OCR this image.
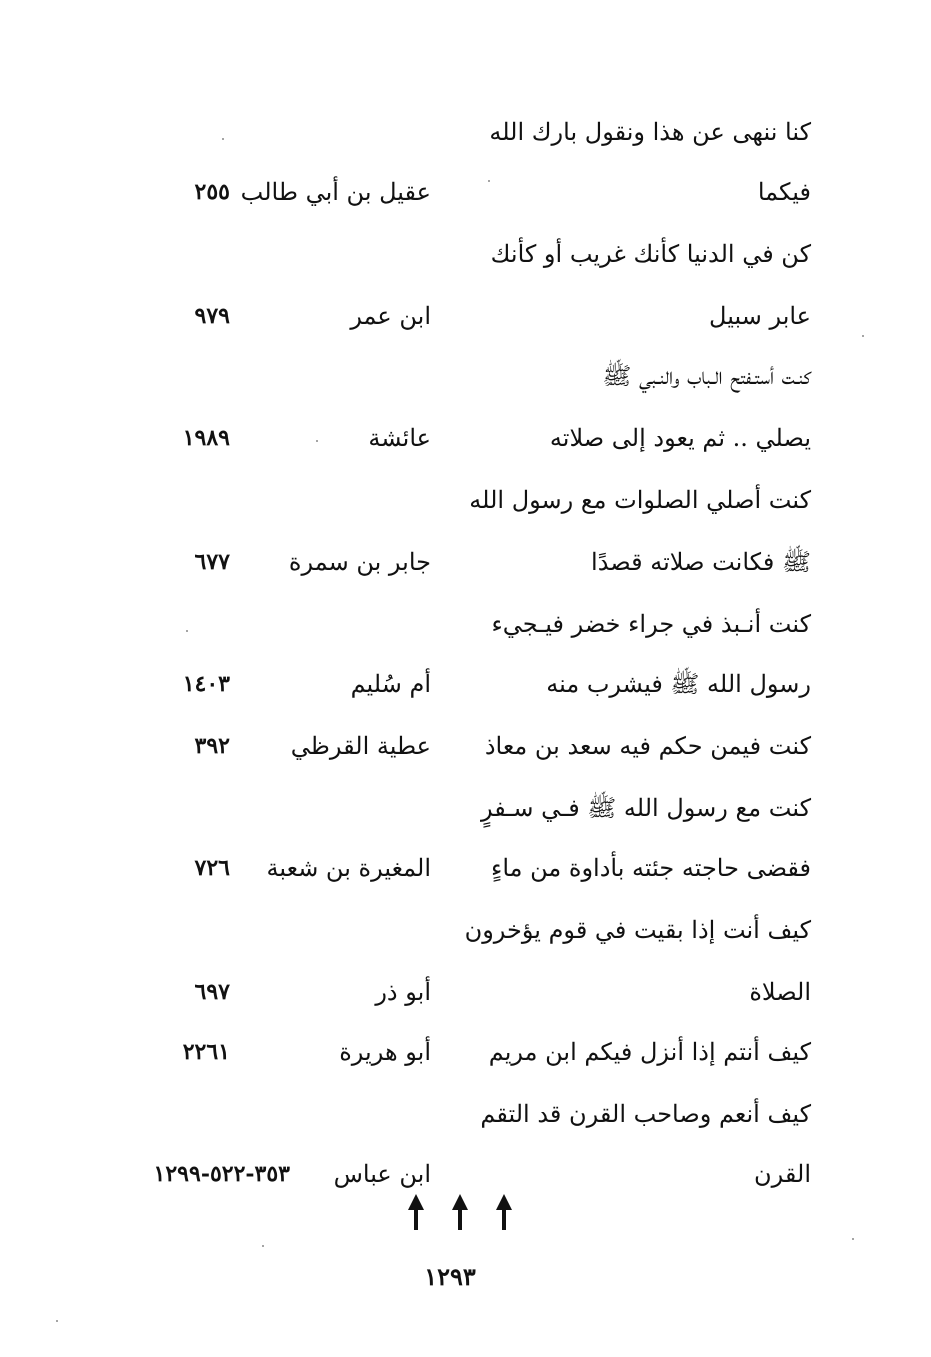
كنا ننهى عن هذا ونقول بارك الله
فيكما
عقيل بن أبي طالب
٢٥٥
كن في الدنيا كأنك غريب أو كأنك
عابر سبيل
ابن عمر
٩٧٩
كنـت أستـفتح الـباب والنـبي ﷺ
يصلي .. ثم يعود إلى صلاته
عائشة
١٩٨٩
كنت أصلي الصلوات مع رسول الله
ﷺ فكانت صلاته قصدًا
جابر بن سمرة
٦٧٧
كنت أنـبذ في جراء خضر فيـجيء
رسول الله ﷺ فيشرب منه
أم سُليم
١٤٠٣
كنت فيمن حكم فيه سعد بن معاذ
عطية القرظي
٣٩٢
كنت مع رسول الله ﷺ فـي سـفرٍ
فقضى حاجته جئته بأداوة من ماءٍ
المغيرة بن شعبة
٧٢٦
كيف أنت إذا بقيت في قوم يؤخرون
الصلاة
أبو ذر
٦٩٧
كيف أنتم إذا أنزل فيكم ابن مريم
أبو هريرة
٢٢٦١
كيف أنعم وصاحب القرن قد التقم
القرن
ابن عباس
٣٥٣-٥٢٢-١٢٩٩
١٢٩٣
